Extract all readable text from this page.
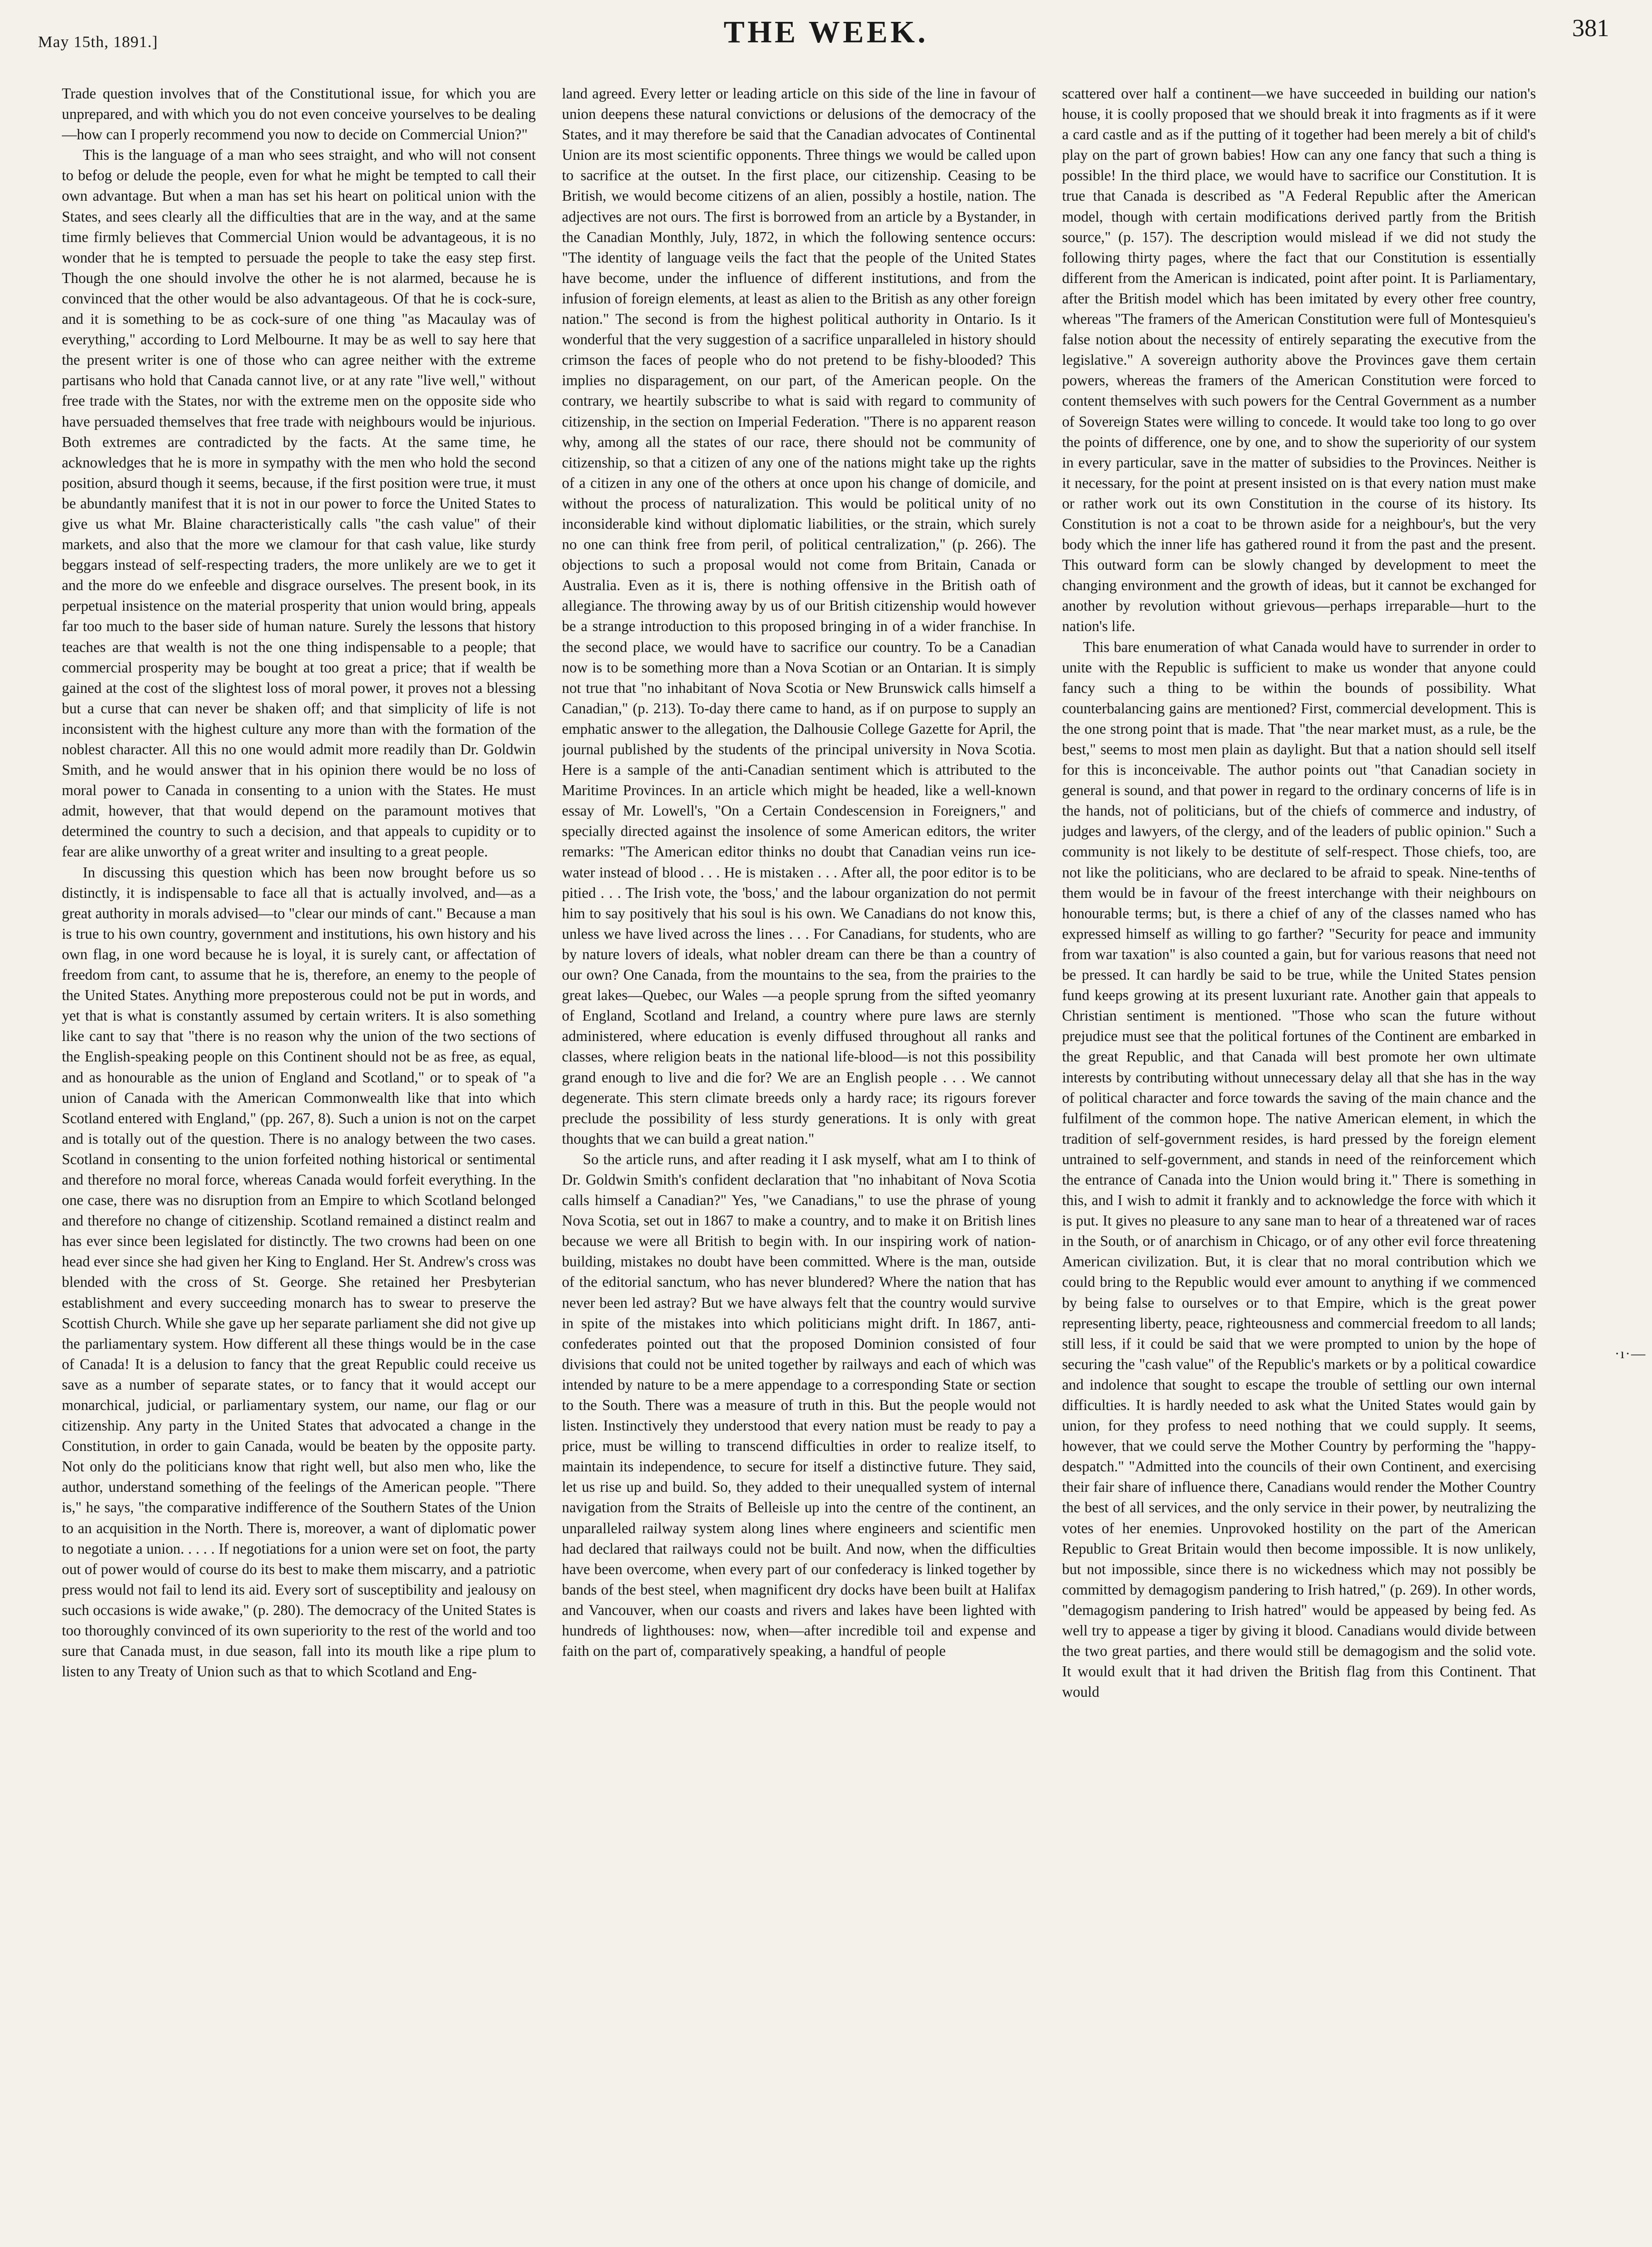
May 15th, 1891.]	THE WEEK.	381

Trade question involves that of the Constitutional issue, for which you are unprepared, and with which you do not even conceive yourselves to be dealing—how can I properly recommend you now to decide on Commercial Union?"

This is the language of a man who sees straight, and who will not consent to befog or delude the people, even for what he might be tempted to call their own advantage. But when a man has set his heart on political union with the States, and sees clearly all the difficulties that are in the way, and at the same time firmly believes that Commercial Union would be advantageous, it is no wonder that he is tempted to persuade the people to take the easy step first. Though the one should involve the other he is not alarmed, because he is convinced that the other would be also advantageous. Of that he is cock-sure, and it is something to be as cock-sure of one thing "as Macaulay was of everything," according to Lord Melbourne. It may be as well to say here that the present writer is one of those who can agree neither with the extreme partisans who hold that Canada cannot live, or at any rate "live well," without free trade with the States, nor with the extreme men on the opposite side who have persuaded themselves that free trade with neighbours would be injurious. Both extremes are contradicted by the facts. At the same time, he acknowledges that he is more in sympathy with the men who hold the second position, absurd though it seems, because, if the first position were true, it must be abundantly manifest that it is not in our power to force the United States to give us what Mr. Blaine characteristically calls "the cash value" of their markets, and also that the more we clamour for that cash value, like sturdy beggars instead of self-respecting traders, the more unlikely are we to get it and the more do we enfeeble and disgrace ourselves. The present book, in its perpetual insistence on the material prosperity that union would bring, appeals far too much to the baser side of human nature. Surely the lessons that history teaches are that wealth is not the one thing indispensable to a people; that commercial prosperity may be bought at too great a price; that if wealth be gained at the cost of the slightest loss of moral power, it proves not a blessing but a curse that can never be shaken off; and that simplicity of life is not inconsistent with the highest culture any more than with the formation of the noblest character. All this no one would admit more readily than Dr. Goldwin Smith, and he would answer that in his opinion there would be no loss of moral power to Canada in consenting to a union with the States. He must admit, however, that that would depend on the paramount motives that determined the country to such a decision, and that appeals to cupidity or to fear are alike unworthy of a great writer and insulting to a great people.

In discussing this question which has been now brought before us so distinctly, it is indispensable to face all that is actually involved, and—as a great authority in morals advised—to "clear our minds of cant." Because a man is true to his own country, government and institutions, his own history and his own flag, in one word because he is loyal, it is surely cant, or affectation of freedom from cant, to assume that he is, therefore, an enemy to the people of the United States. Anything more preposterous could not be put in words, and yet that is what is constantly assumed by certain writers. It is also something like cant to say that "there is no reason why the union of the two sections of the English-speaking people on this Continent should not be as free, as equal, and as honourable as the union of England and Scotland," or to speak of "a union of Canada with the American Commonwealth like that into which Scotland entered with England," (pp. 267, 8). Such a union is not on the carpet and is totally out of the question. There is no analogy between the two cases. Scotland in consenting to the union forfeited nothing historical or sentimental and therefore no moral force, whereas Canada would forfeit everything. In the one case, there was no disruption from an Empire to which Scotland belonged and therefore no change of citizenship. Scotland remained a distinct realm and has ever since been legislated for distinctly. The two crowns had been on one head ever since she had given her King to England. Her St. Andrew's cross was blended with the cross of St. George. She retained her Presbyterian establishment and every succeeding monarch has to swear to preserve the Scottish Church. While she gave up her separate parliament she did not give up the parliamentary system. How different all these things would be in the case of Canada! It is a delusion to fancy that the great Republic could receive us save as a number of separate states, or to fancy that it would accept our monarchical, judicial, or parliamentary system, our name, our flag or our citizenship. Any party in the United States that advocated a change in the Constitution, in order to gain Canada, would be beaten by the opposite party. Not only do the politicians know that right well, but also men who, like the author, understand something of the feelings of the American people. "There is," he says, "the comparative indifference of the Southern States of the Union to an acquisition in the North. There is, moreover, a want of diplomatic power to negotiate a union. . . . . If negotiations for a union were set on foot, the party out of power would of course do its best to make them miscarry, and a patriotic press would not fail to lend its aid. Every sort of susceptibility and jealousy on such occasions is wide awake," (p. 280). The democracy of the United States is too thoroughly convinced of its own superiority to the rest of the world and too sure that Canada must, in due season, fall into its mouth like a ripe plum to listen to any Treaty of Union such as that to which Scotland and Eng-

land agreed. Every letter or leading article on this side of the line in favour of union deepens these natural convictions or delusions of the democracy of the States, and it may therefore be said that the Canadian advocates of Continental Union are its most scientific opponents. Three things we would be called upon to sacrifice at the outset. In the first place, our citizenship. Ceasing to be British, we would become citizens of an alien, possibly a hostile, nation. The adjectives are not ours. The first is borrowed from an article by a Bystander, in the Canadian Monthly, July, 1872, in which the following sentence occurs: "The identity of language veils the fact that the people of the United States have become, under the influence of different institutions, and from the infusion of foreign elements, at least as alien to the British as any other foreign nation." The second is from the highest political authority in Ontario. Is it wonderful that the very suggestion of a sacrifice unparalleled in history should crimson the faces of people who do not pretend to be fishy-blooded? This implies no disparagement, on our part, of the American people. On the contrary, we heartily subscribe to what is said with regard to community of citizenship, in the section on Imperial Federation. "There is no apparent reason why, among all the states of our race, there should not be community of citizenship, so that a citizen of any one of the nations might take up the rights of a citizen in any one of the others at once upon his change of domicile, and without the process of naturalization. This would be political unity of no inconsiderable kind without diplomatic liabilities, or the strain, which surely no one can think free from peril, of political centralization," (p. 266). The objections to such a proposal would not come from Britain, Canada or Australia. Even as it is, there is nothing offensive in the British oath of allegiance. The throwing away by us of our British citizenship would however be a strange introduction to this proposed bringing in of a wider franchise. In the second place, we would have to sacrifice our country. To be a Canadian now is to be something more than a Nova Scotian or an Ontarian. It is simply not true that "no inhabitant of Nova Scotia or New Brunswick calls himself a Canadian," (p. 213). To-day there came to hand, as if on purpose to supply an emphatic answer to the allegation, the Dalhousie College Gazette for April, the journal published by the students of the principal university in Nova Scotia. Here is a sample of the anti-Canadian sentiment which is attributed to the Maritime Provinces. In an article which might be headed, like a well-known essay of Mr. Lowell's, "On a Certain Condescension in Foreigners," and specially directed against the insolence of some American editors, the writer remarks: "The American editor thinks no doubt that Canadian veins run ice-water instead of blood . . . He is mistaken . . . After all, the poor editor is to be pitied . . . The Irish vote, the 'boss,' and the labour organization do not permit him to say positively that his soul is his own. We Canadians do not know this, unless we have lived across the lines . . . For Canadians, for students, who are by nature lovers of ideals, what nobler dream can there be than a country of our own? One Canada, from the mountains to the sea, from the prairies to the great lakes—Quebec, our Wales —a people sprung from the sifted yeomanry of England, Scotland and Ireland, a country where pure laws are sternly administered, where education is evenly diffused throughout all ranks and classes, where religion beats in the national life-blood—is not this possibility grand enough to live and die for? We are an English people . . . We cannot degenerate. This stern climate breeds only a hardy race; its rigours forever preclude the possibility of less sturdy generations. It is only with great thoughts that we can build a great nation."

So the article runs, and after reading it I ask myself, what am I to think of Dr. Goldwin Smith's confident declaration that "no inhabitant of Nova Scotia calls himself a Canadian?" Yes, "we Canadians," to use the phrase of young Nova Scotia, set out in 1867 to make a country, and to make it on British lines because we were all British to begin with. In our inspiring work of nation-building, mistakes no doubt have been committed. Where is the man, outside of the editorial sanctum, who has never blundered? Where the nation that has never been led astray? But we have always felt that the country would survive in spite of the mistakes into which politicians might drift. In 1867, anti-confederates pointed out that the proposed Dominion consisted of four divisions that could not be united together by railways and each of which was intended by nature to be a mere appendage to a corresponding State or section to the South. There was a measure of truth in this. But the people would not listen. Instinctively they understood that every nation must be ready to pay a price, must be willing to transcend difficulties in order to realize itself, to maintain its independence, to secure for itself a distinctive future. They said, let us rise up and build. So, they added to their unequalled system of internal navigation from the Straits of Belleisle up into the centre of the continent, an unparalleled railway system along lines where engineers and scientific men had declared that railways could not be built. And now, when the difficulties have been overcome, when every part of our confederacy is linked together by bands of the best steel, when magnificent dry docks have been built at Halifax and Vancouver, when our coasts and rivers and lakes have been lighted with hundreds of lighthouses: now, when—after incredible toil and expense and faith on the part of, comparatively speaking, a handful of people

scattered over half a continent—we have succeeded in building our nation's house, it is coolly proposed that we should break it into fragments as if it were a card castle and as if the putting of it together had been merely a bit of child's play on the part of grown babies! How can any one fancy that such a thing is possible! In the third place, we would have to sacrifice our Constitution. It is true that Canada is described as "A Federal Republic after the American model, though with certain modifications derived partly from the British source," (p. 157). The description would mislead if we did not study the following thirty pages, where the fact that our Constitution is essentially different from the American is indicated, point after point. It is Parliamentary, after the British model which has been imitated by every other free country, whereas "The framers of the American Constitution were full of Montesquieu's false notion about the necessity of entirely separating the executive from the legislative." A sovereign authority above the Provinces gave them certain powers, whereas the framers of the American Constitution were forced to content themselves with such powers for the Central Government as a number of Sovereign States were willing to concede. It would take too long to go over the points of difference, one by one, and to show the superiority of our system in every particular, save in the matter of subsidies to the Provinces. Neither is it necessary, for the point at present insisted on is that every nation must make or rather work out its own Constitution in the course of its history. Its Constitution is not a coat to be thrown aside for a neighbour's, but the very body which the inner life has gathered round it from the past and the present. This outward form can be slowly changed by development to meet the changing environment and the growth of ideas, but it cannot be exchanged for another by revolution without grievous—perhaps irreparable—hurt to the nation's life.

This bare enumeration of what Canada would have to surrender in order to unite with the Republic is sufficient to make us wonder that anyone could fancy such a thing to be within the bounds of possibility. What counterbalancing gains are mentioned? First, commercial development. This is the one strong point that is made. That "the near market must, as a rule, be the best," seems to most men plain as daylight. But that a nation should sell itself for this is inconceivable. The author points out "that Canadian society in general is sound, and that power in regard to the ordinary concerns of life is in the hands, not of politicians, but of the chiefs of commerce and industry, of judges and lawyers, of the clergy, and of the leaders of public opinion." Such a community is not likely to be destitute of self-respect. Those chiefs, too, are not like the politicians, who are declared to be afraid to speak. Nine-tenths of them would be in favour of the freest interchange with their neighbours on honourable terms; but, is there a chief of any of the classes named who has expressed himself as willing to go farther? "Security for peace and immunity from war taxation" is also counted a gain, but for various reasons that need not be pressed. It can hardly be said to be true, while the United States pension fund keeps growing at its present luxuriant rate. Another gain that appeals to Christian sentiment is mentioned. "Those who scan the future without prejudice must see that the political fortunes of the Continent are embarked in the great Republic, and that Canada will best promote her own ultimate interests by contributing without unnecessary delay all that she has in the way of political character and force towards the saving of the main chance and the fulfilment of the common hope. The native American element, in which the tradition of self-government resides, is hard pressed by the foreign element untrained to self-government, and stands in need of the reinforcement which the entrance of Canada into the Union would bring it." There is something in this, and I wish to admit it frankly and to acknowledge the force with which it is put. It gives no pleasure to any sane man to hear of a threatened war of races in the South, or of anarchism in Chicago, or of any other evil force threatening American civilization. But, it is clear that no moral contribution which we could bring to the Republic would ever amount to anything if we commenced by being false to ourselves or to that Empire, which is the great power representing liberty, peace, righteousness and commercial freedom to all lands; still less, if it could be said that we were prompted to union by the hope of securing the "cash value" of the Republic's markets or by a political cowardice and indolence that sought to escape the trouble of settling our own internal difficulties. It is hardly needed to ask what the United States would gain by union, for they profess to need nothing that we could supply. It seems, however, that we could serve the Mother Country by performing the "happy-despatch." "Admitted into the councils of their own Continent, and exercising their fair share of influence there, Canadians would render the Mother Country the best of all services, and the only service in their power, by neutralizing the votes of her enemies. Unprovoked hostility on the part of the American Republic to Great Britain would then become impossible. It is now unlikely, but not impossible, since there is no wickedness which may not possibly be committed by demagogism pandering to Irish hatred," (p. 269). In other words, "demagogism pandering to Irish hatred" would be appeased by being fed. As well try to appease a tiger by giving it blood. Canadians would divide between the two great parties, and there would still be demagogism and the solid vote. It would exult that it had driven the British flag from this Continent. That would

·ı·—
